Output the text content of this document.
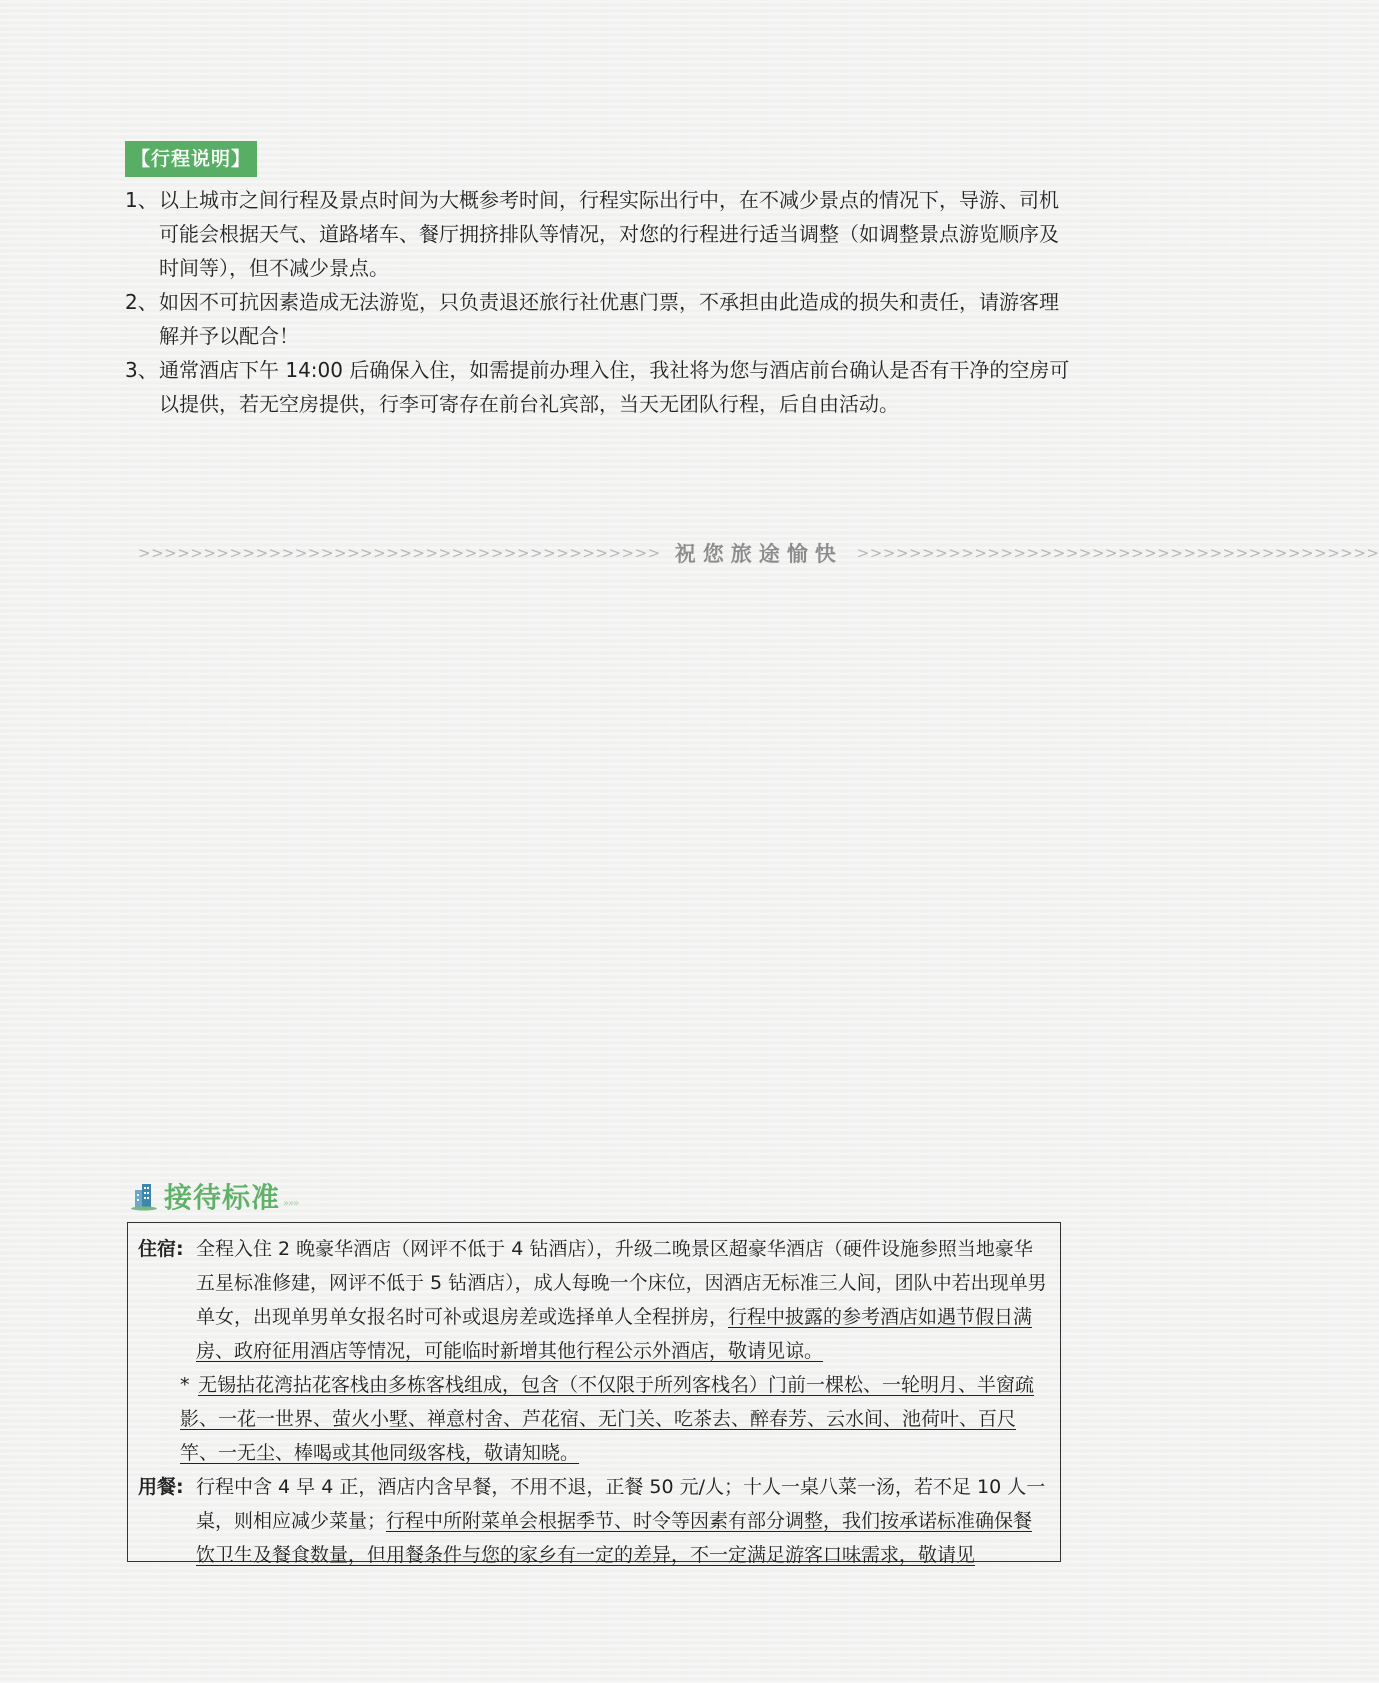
【行程说明】
1、 以上城市之间行程及景点时间为大概参考时间，行程实际出行中，在不减少景点的情况下，导游、司机可能会根据天气、道路堵车、餐厅拥挤排队等情况，对您的行程进行适当调整（如调整景点游览顺序及时间等），但不减少景点。
2、 如因不可抗因素造成无法游览，只负责退还旅行社优惠门票，不承担由此造成的损失和责任，请游客理解并予以配合！
3、 通常酒店下午 14:00 后确保入住，如需提前办理入住，我社将为您与酒店前台确认是否有干净的空房可以提供，若无空房提供，行李可寄存在前台礼宾部，当天无团队行程，后自由活动。
>>>>>>>>>>>>>>>>>>>>>>>>>>>>>>>>>>>>>>>> 祝您旅途愉快 <<<<<<<<<<<<<<<<<<<<<<<<<<<<<<<<<<<<<<<<
接待标准 »»»
住宿: 全程入住 2 晚豪华酒店（网评不低于 4 钻酒店），升级二晚景区超豪华酒店（硬件设施参照当地豪华五星标准修建，网评不低于 5 钻酒店），成人每晚一个床位，因酒店无标准三人间，团队中若出现单男单女，出现单男单女报名时可补或退房差或选择单人全程拼房，行程中披露的参考酒店如遇节假日满房、政府征用酒店等情况，可能临时新增其他行程公示外酒店，敬请见谅。
* 无锡拈花湾拈花客栈由多栋客栈组成，包含（不仅限于所列客栈名）门前一棵松、一轮明月、半窗疏影、一花一世界、萤火小墅、禅意村舍、芦花宿、无门关、吃茶去、醉春芳、云水间、池荷叶、百尺竿、一无尘、棒喝或其他同级客栈，敬请知晓。
用餐: 行程中含 4 早 4 正，酒店内含早餐，不用不退，正餐 50 元/人；十人一桌八菜一汤，若不足 10 人一桌，则相应减少菜量；行程中所附菜单会根据季节、时令等因素有部分调整，我们按承诺标准确保餐饮卫生及餐食数量，但用餐条件与您的家乡有一定的差异，不一定满足游客口味需求，敬请见
